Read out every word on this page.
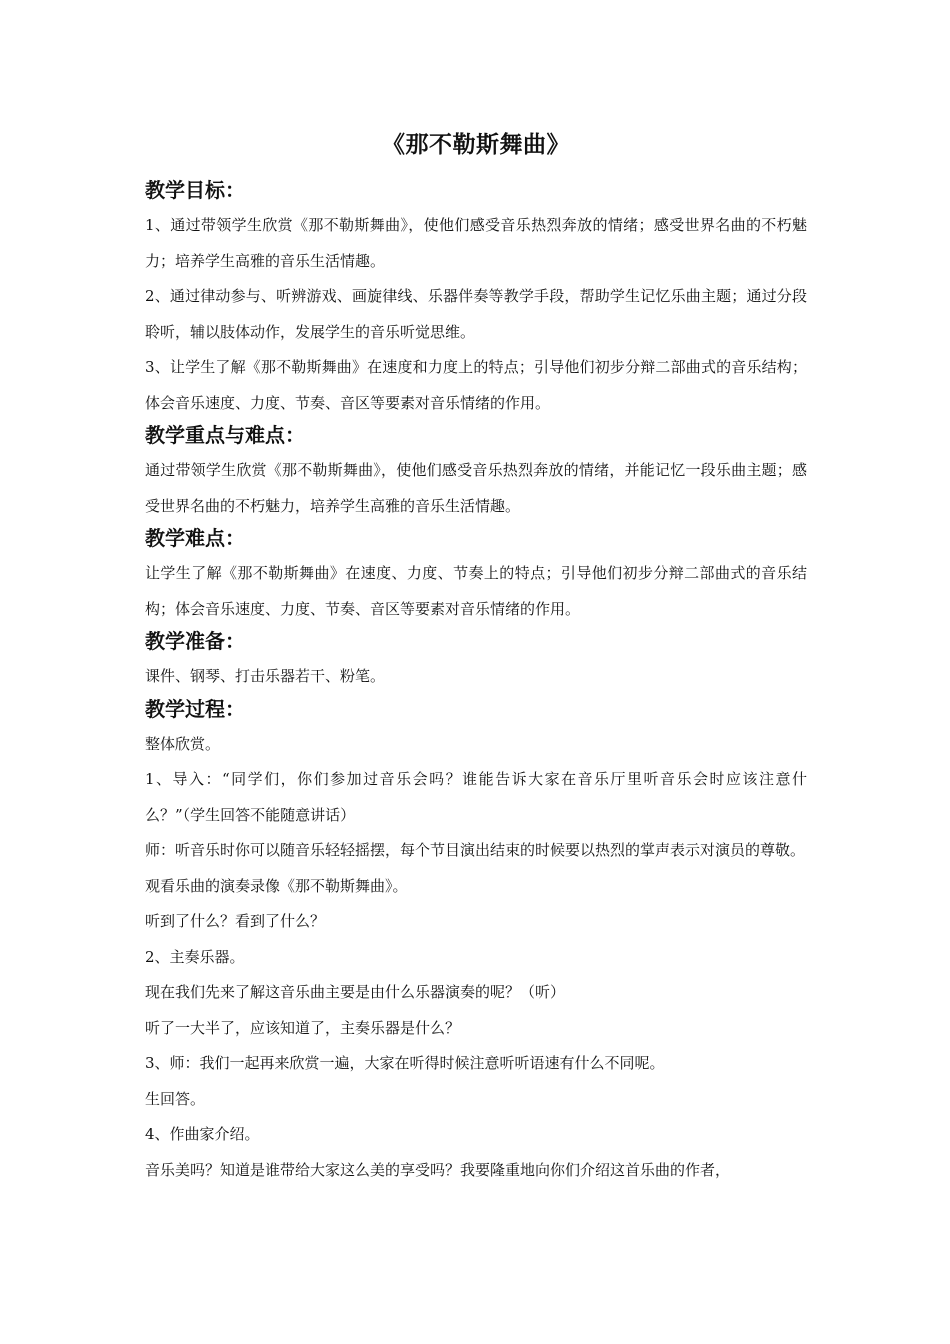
《那不勒斯舞曲》
教学目标：

1、通过带领学生欣赏《那不勒斯舞曲》，使他们感受音乐热烈奔放的情绪；感受世界名曲的不朽魅力；培养学生高雅的音乐生活情趣。

2、通过律动参与、听辨游戏、画旋律线、乐器伴奏等教学手段，帮助学生记忆乐曲主题；通过分段聆听，辅以肢体动作，发展学生的音乐听觉思维。

3、让学生了解《那不勒斯舞曲》在速度和力度上的特点；引导他们初步分辩二部曲式的音乐结构；体会音乐速度、力度、节奏、音区等要素对音乐情绪的作用。

教学重点与难点：

通过带领学生欣赏《那不勒斯舞曲》，使他们感受音乐热烈奔放的情绪，并能记忆一段乐曲主题；感受世界名曲的不朽魅力，培养学生高雅的音乐生活情趣。

教学难点：

让学生了解《那不勒斯舞曲》在速度、力度、节奏上的特点；引导他们初步分辩二部曲式的音乐结构；体会音乐速度、力度、节奏、音区等要素对音乐情绪的作用。

教学准备：

课件、钢琴、打击乐器若干、粉笔。

教学过程：

整体欣赏。

1、导入：“同学们，你们参加过音乐会吗？谁能告诉大家在音乐厅里听音乐会时应该注意什么？”（学生回答不能随意讲话）

师：听音乐时你可以随音乐轻轻摇摆，每个节目演出结束的时候要以热烈的掌声表示对演员的尊敬。

观看乐曲的演奏录像《那不勒斯舞曲》。

听到了什么？看到了什么？

2、主奏乐器。

现在我们先来了解这音乐曲主要是由什么乐器演奏的呢？（听）

听了一大半了，应该知道了，主奏乐器是什么？

3、师：我们一起再来欣赏一遍，大家在听得时候注意听听语速有什么不同呢。

生回答。

4、作曲家介绍。

音乐美吗？知道是谁带给大家这么美的享受吗？我要隆重地向你们介绍这首乐曲的作者，
